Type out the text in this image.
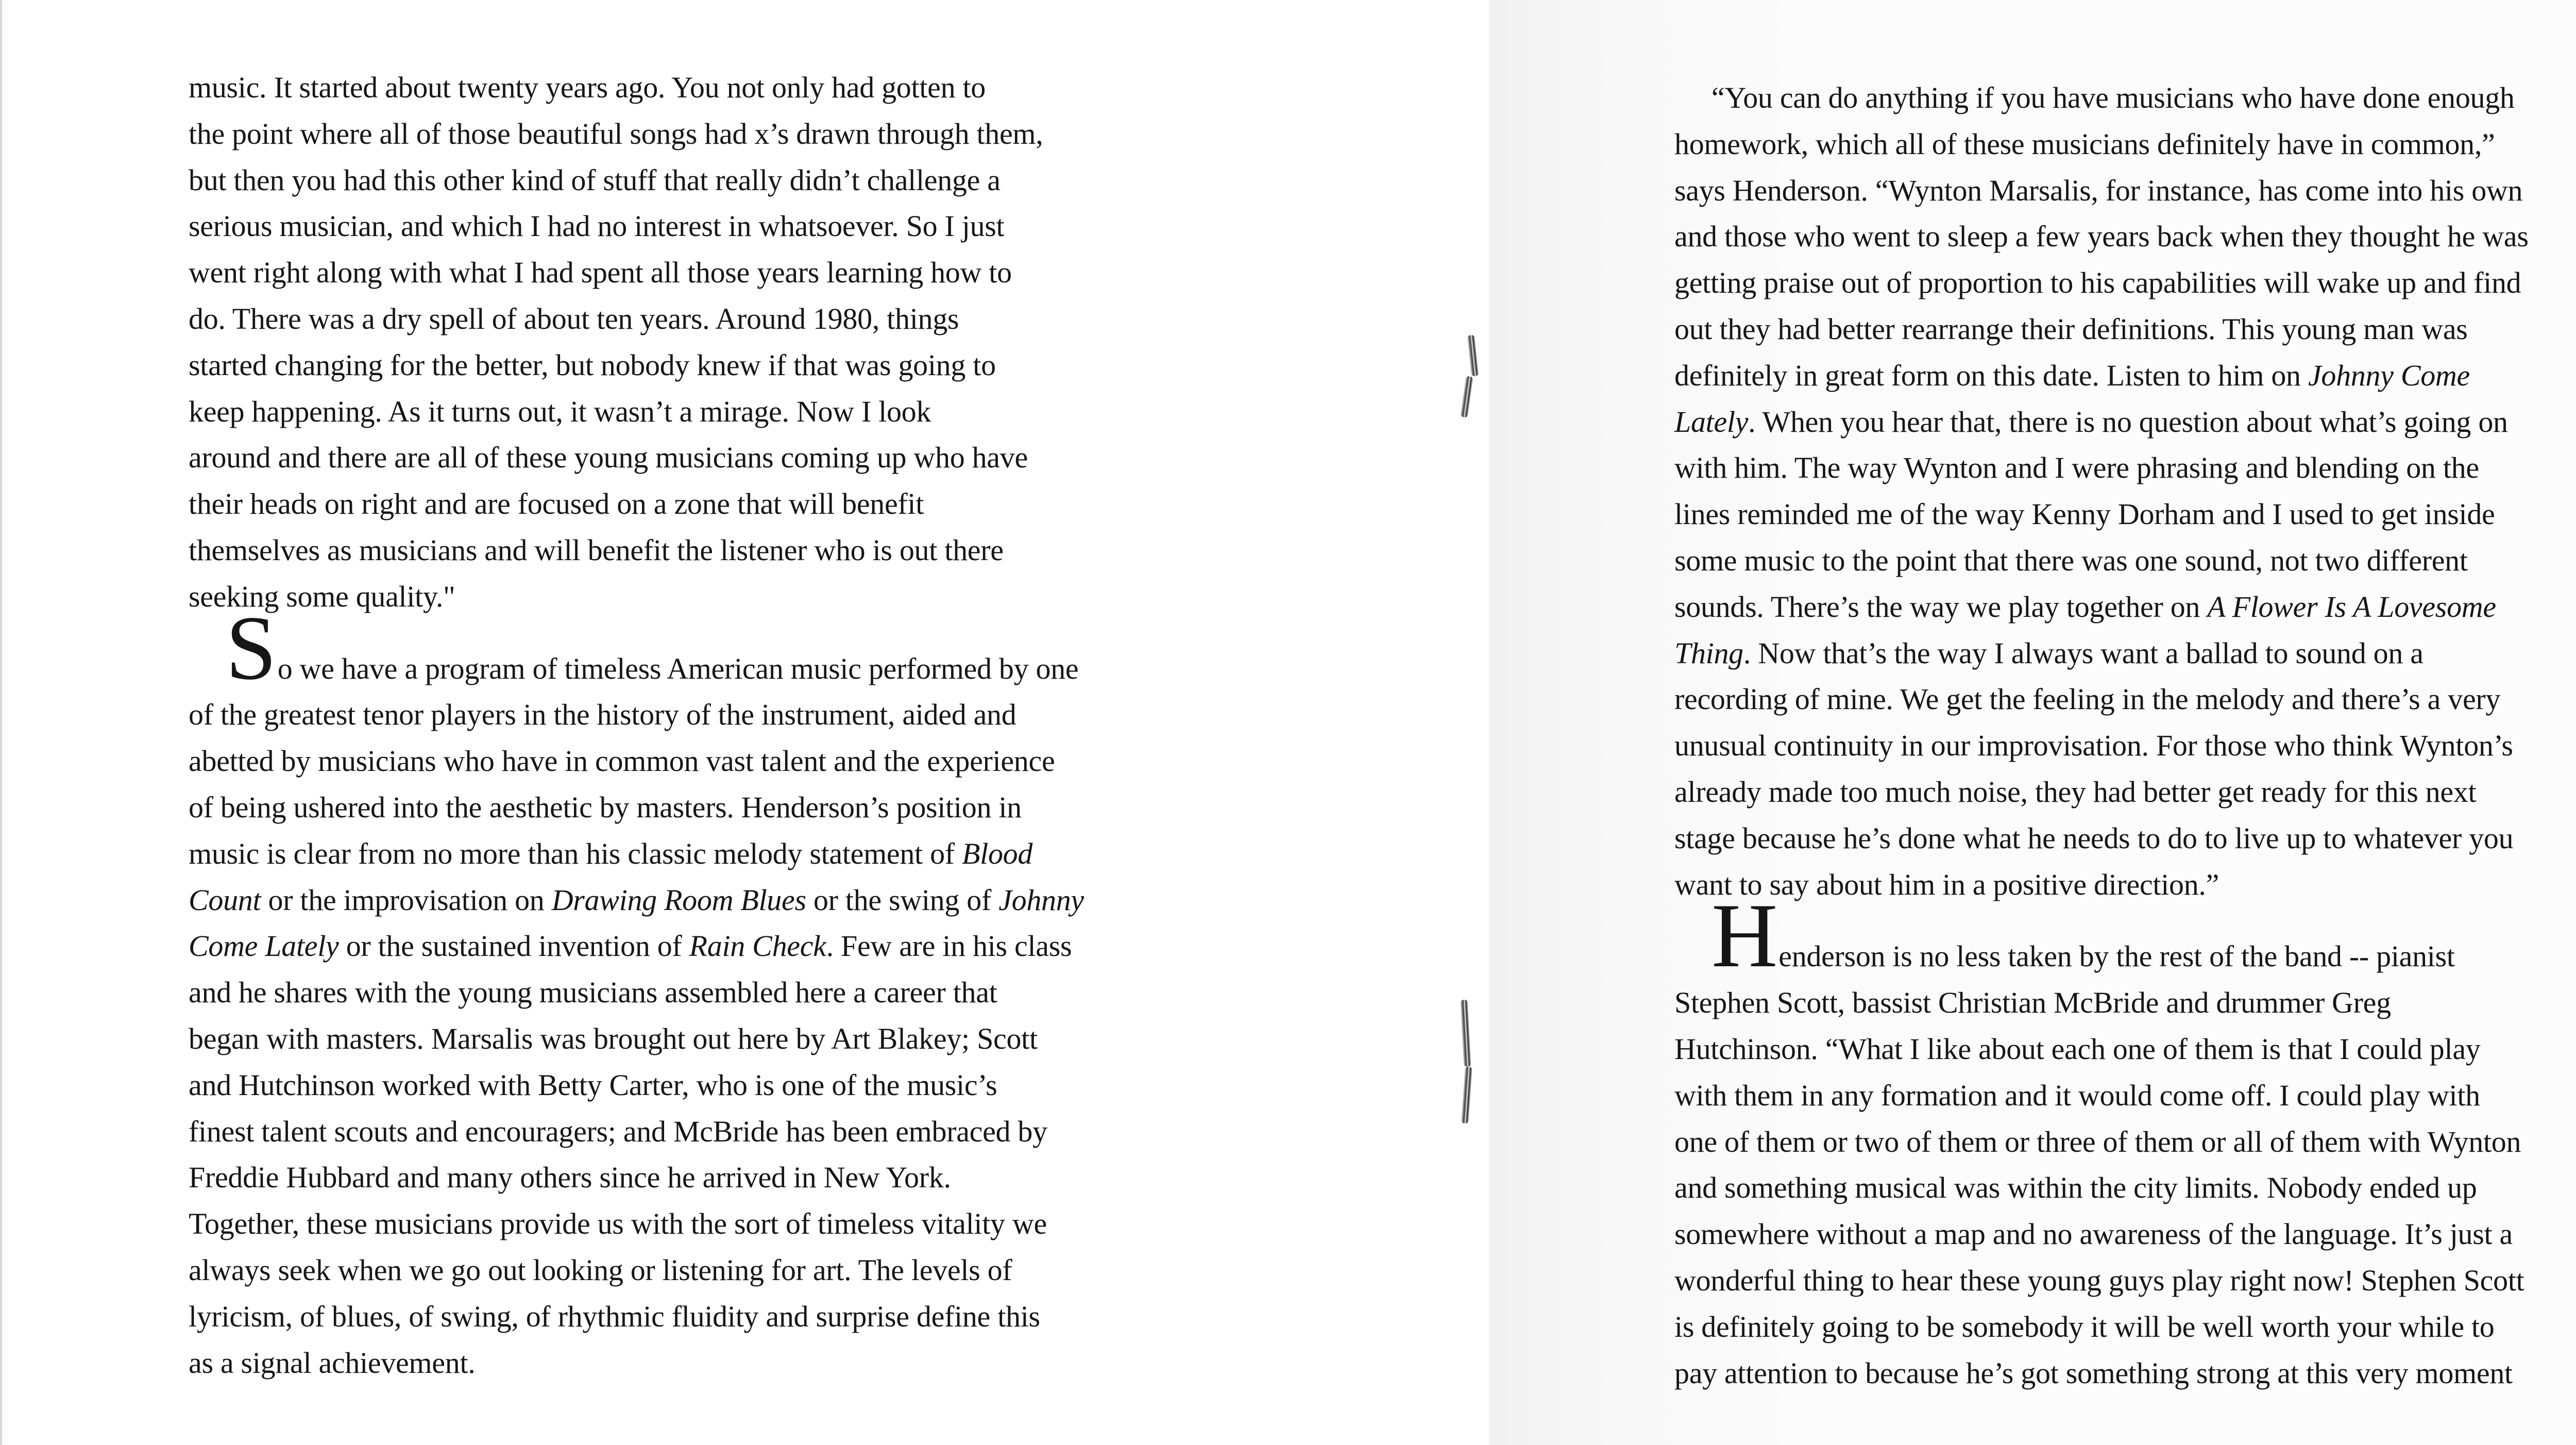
music. It started about twenty years ago. You not only had gotten to
the point where all of those beautiful songs had x’s drawn through them,
but then you had this other kind of stuff that really didn’t challenge a
serious musician, and which I had no interest in whatsoever. So I just
went right along with what I had spent all those years learning how to
do. There was a dry spell of about ten years. Around 1980, things
started changing for the better, but nobody knew if that was going to
keep happening. As it turns out, it wasn’t a mirage. Now I look
around and there are all of these young musicians coming up who have
their heads on right and are focused on a zone that will benefit
themselves as musicians and will benefit the listener who is out there
seeking some quality."
So we have a program of timeless American music performed by one
of the greatest tenor players in the history of the instrument, aided and
abetted by musicians who have in common vast talent and the experience
of being ushered into the aesthetic by masters. Henderson’s position in
music is clear from no more than his classic melody statement of Blood
Count or the improvisation on Drawing Room Blues or the swing of Johnny
Come Lately or the sustained invention of Rain Check. Few are in his class
and he shares with the young musicians assembled here a career that
began with masters. Marsalis was brought out here by Art Blakey; Scott
and Hutchinson worked with Betty Carter, who is one of the music’s
finest talent scouts and encouragers; and McBride has been embraced by
Freddie Hubbard and many others since he arrived in New York.
Together, these musicians provide us with the sort of timeless vitality we
always seek when we go out looking or listening for art. The levels of
lyricism, of blues, of swing, of rhythmic fluidity and surprise define this
as a signal achievement.
“You can do anything if you have musicians who have done enough
homework, which all of these musicians definitely have in common,”
says Henderson. “Wynton Marsalis, for instance, has come into his own
and those who went to sleep a few years back when they thought he was
getting praise out of proportion to his capabilities will wake up and find
out they had better rearrange their definitions. This young man was
definitely in great form on this date. Listen to him on Johnny Come
Lately. When you hear that, there is no question about what’s going on
with him. The way Wynton and I were phrasing and blending on the
lines reminded me of the way Kenny Dorham and I used to get inside
some music to the point that there was one sound, not two different
sounds. There’s the way we play together on A Flower Is A Lovesome
Thing. Now that’s the way I always want a ballad to sound on a
recording of mine. We get the feeling in the melody and there’s a very
unusual continuity in our improvisation. For those who think Wynton’s
already made too much noise, they had better get ready for this next
stage because he’s done what he needs to do to live up to whatever you
want to say about him in a positive direction.”
Henderson is no less taken by the rest of the band -- pianist
Stephen Scott, bassist Christian McBride and drummer Greg
Hutchinson. “What I like about each one of them is that I could play
with them in any formation and it would come off. I could play with
one of them or two of them or three of them or all of them with Wynton
and something musical was within the city limits. Nobody ended up
somewhere without a map and no awareness of the language. It’s just a
wonderful thing to hear these young guys play right now! Stephen Scott
is definitely going to be somebody it will be well worth your while to
pay attention to because he’s got something strong at this very moment
